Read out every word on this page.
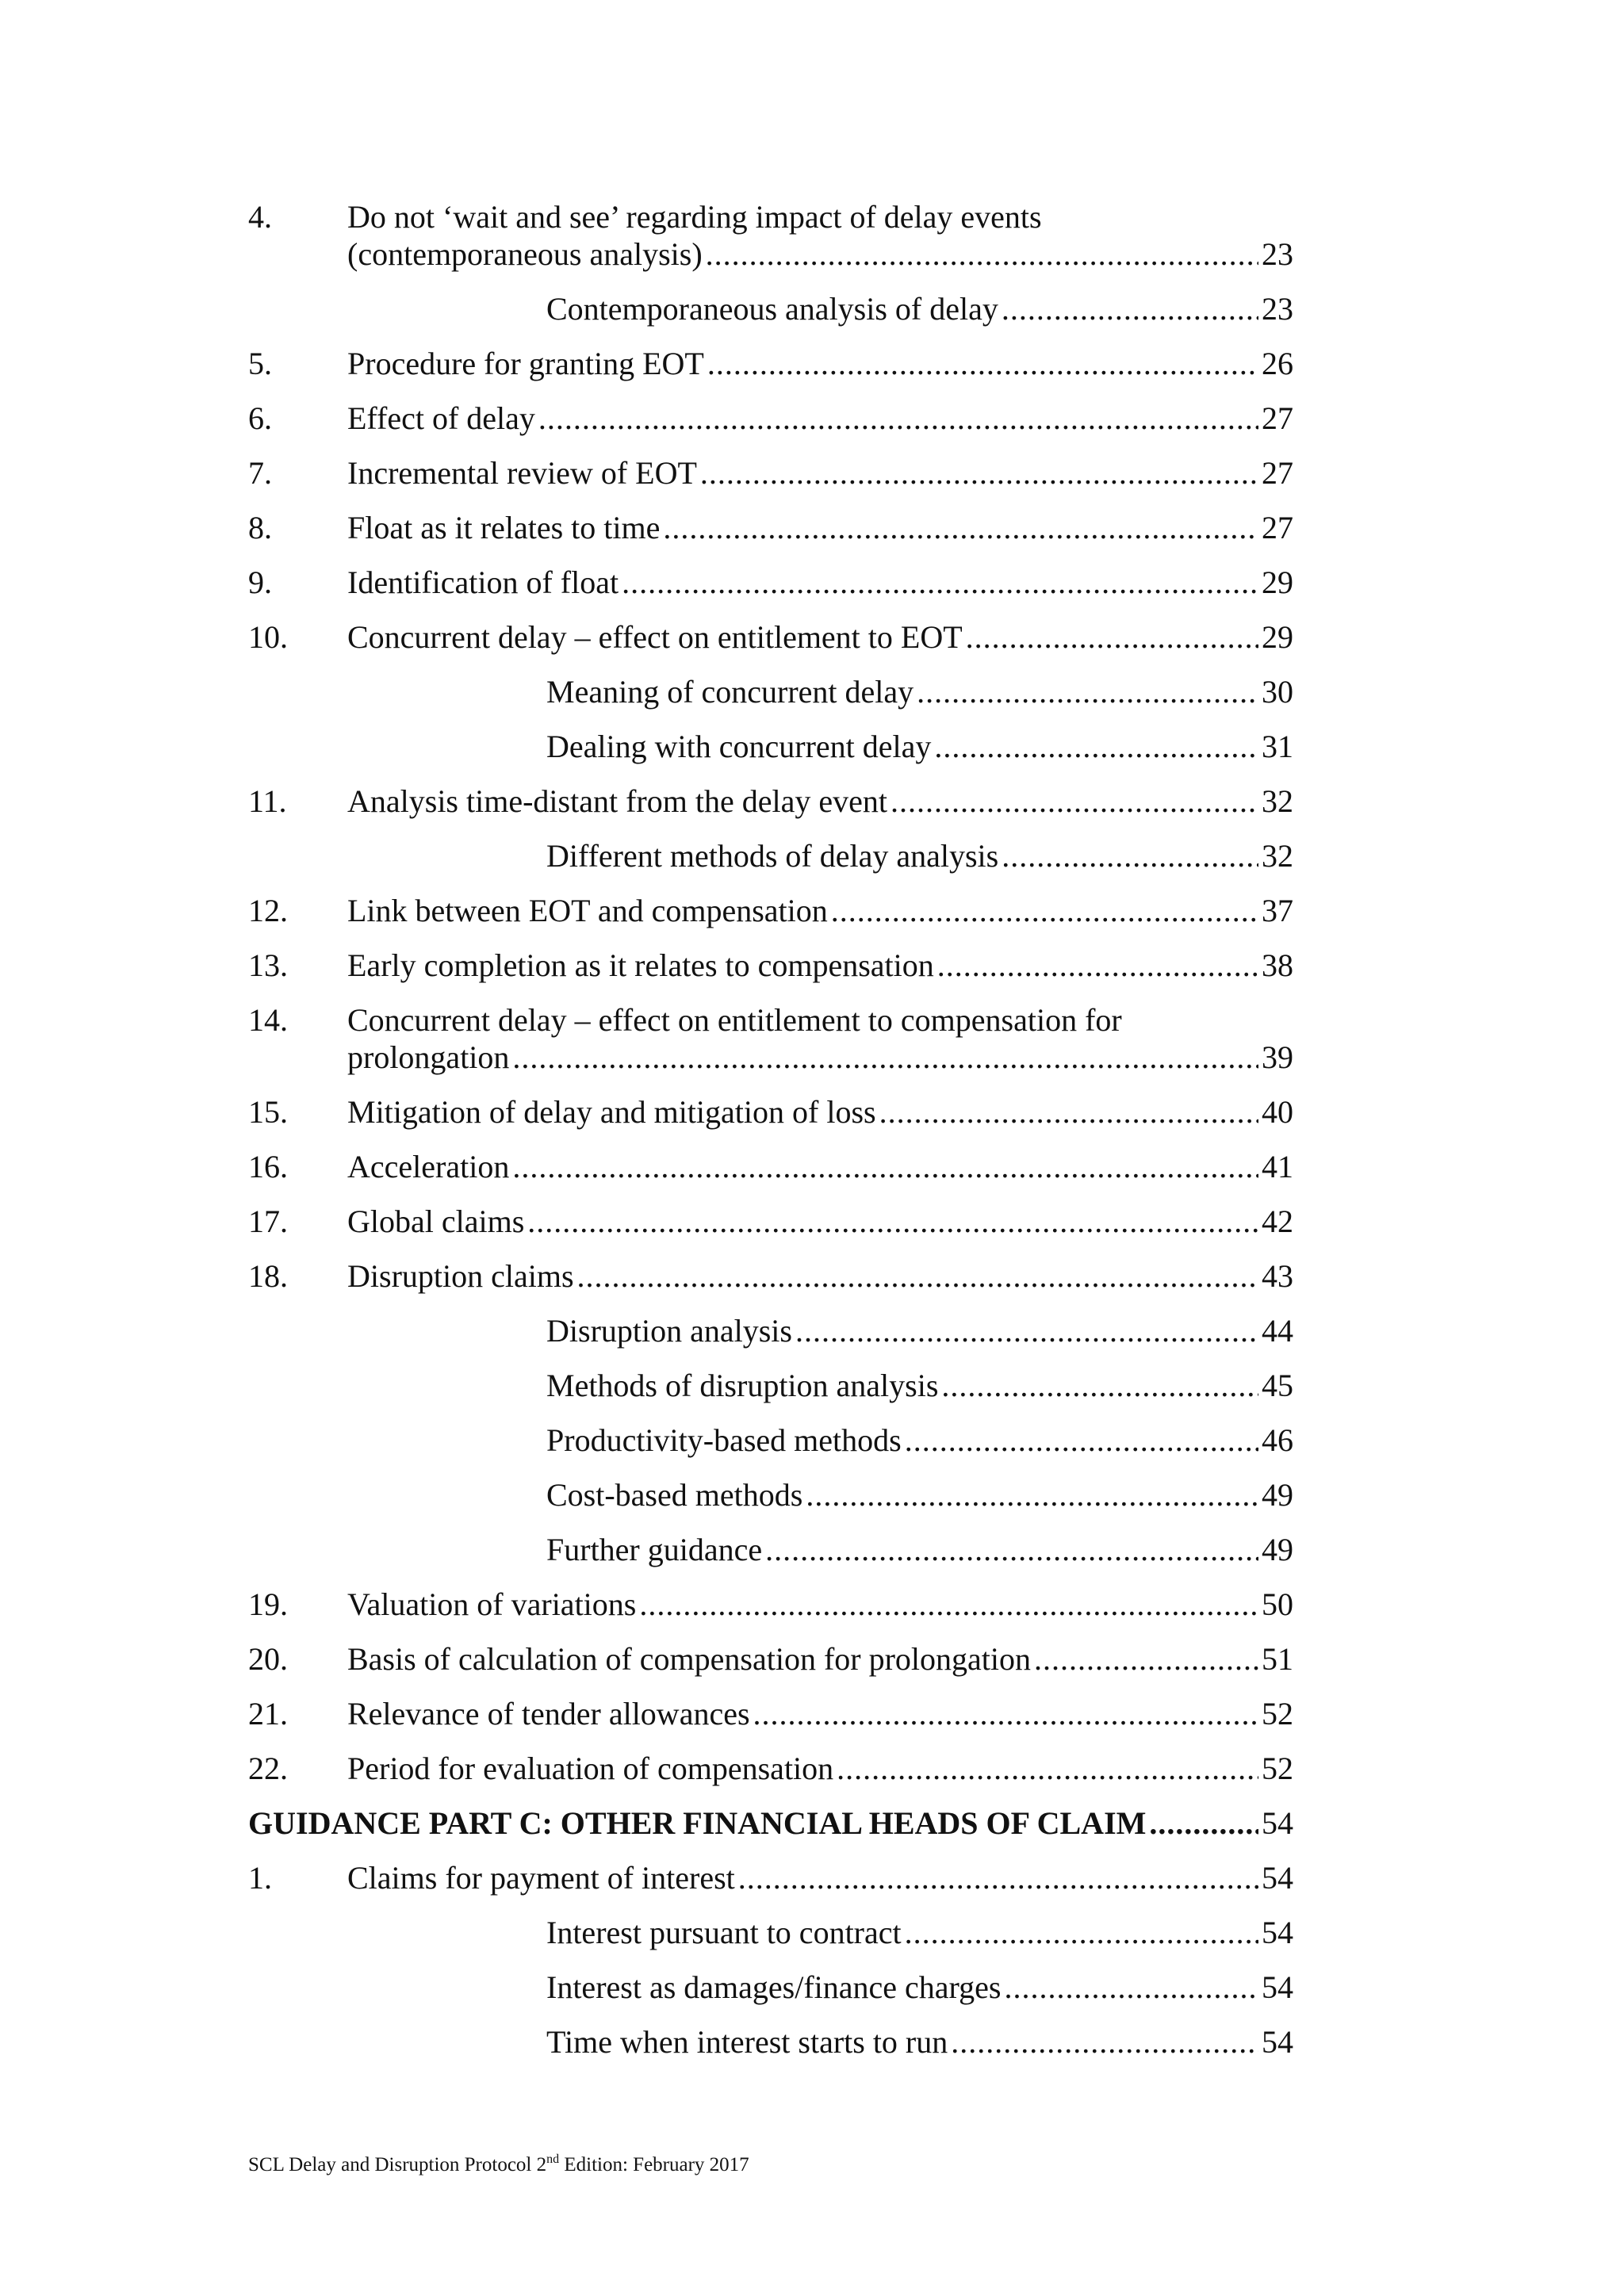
4. Do not ‘wait and see’ regarding impact of delay events
(contemporaneous analysis) .....	23
Contemporaneous analysis of delay .....	23
5. Procedure for granting EOT .....	26
6. Effect of delay .....	27
7. Incremental review of EOT .....	27
8. Float as it relates to time .....	27
9. Identification of float .....	29
10. Concurrent delay – effect on entitlement to EOT .....	29
Meaning of concurrent delay .....	30
Dealing with concurrent delay .....	31
11. Analysis time-distant from the delay event .....	32
Different methods of delay analysis .....	32
12. Link between EOT and compensation .....	37
13. Early completion as it relates to compensation .....	38
14. Concurrent delay – effect on entitlement to compensation for
prolongation .....	39
15. Mitigation of delay and mitigation of loss .....	40
16. Acceleration .....	41
17. Global claims .....	42
18. Disruption claims .....	43
Disruption analysis .....	44
Methods of disruption analysis .....	45
Productivity-based methods .....	46
Cost-based methods .....	49
Further guidance .....	49
19. Valuation of variations .....	50
20. Basis of calculation of compensation for prolongation .....	51
21. Relevance of tender allowances .....	52
22. Period for evaluation of compensation .....	52
GUIDANCE PART C: OTHER FINANCIAL HEADS OF CLAIM .....	54
1. Claims for payment of interest .....	54
Interest pursuant to contract .....	54
Interest as damages/finance charges .....	54
Time when interest starts to run .....	54
SCL Delay and Disruption Protocol 2nd Edition: February 2017
